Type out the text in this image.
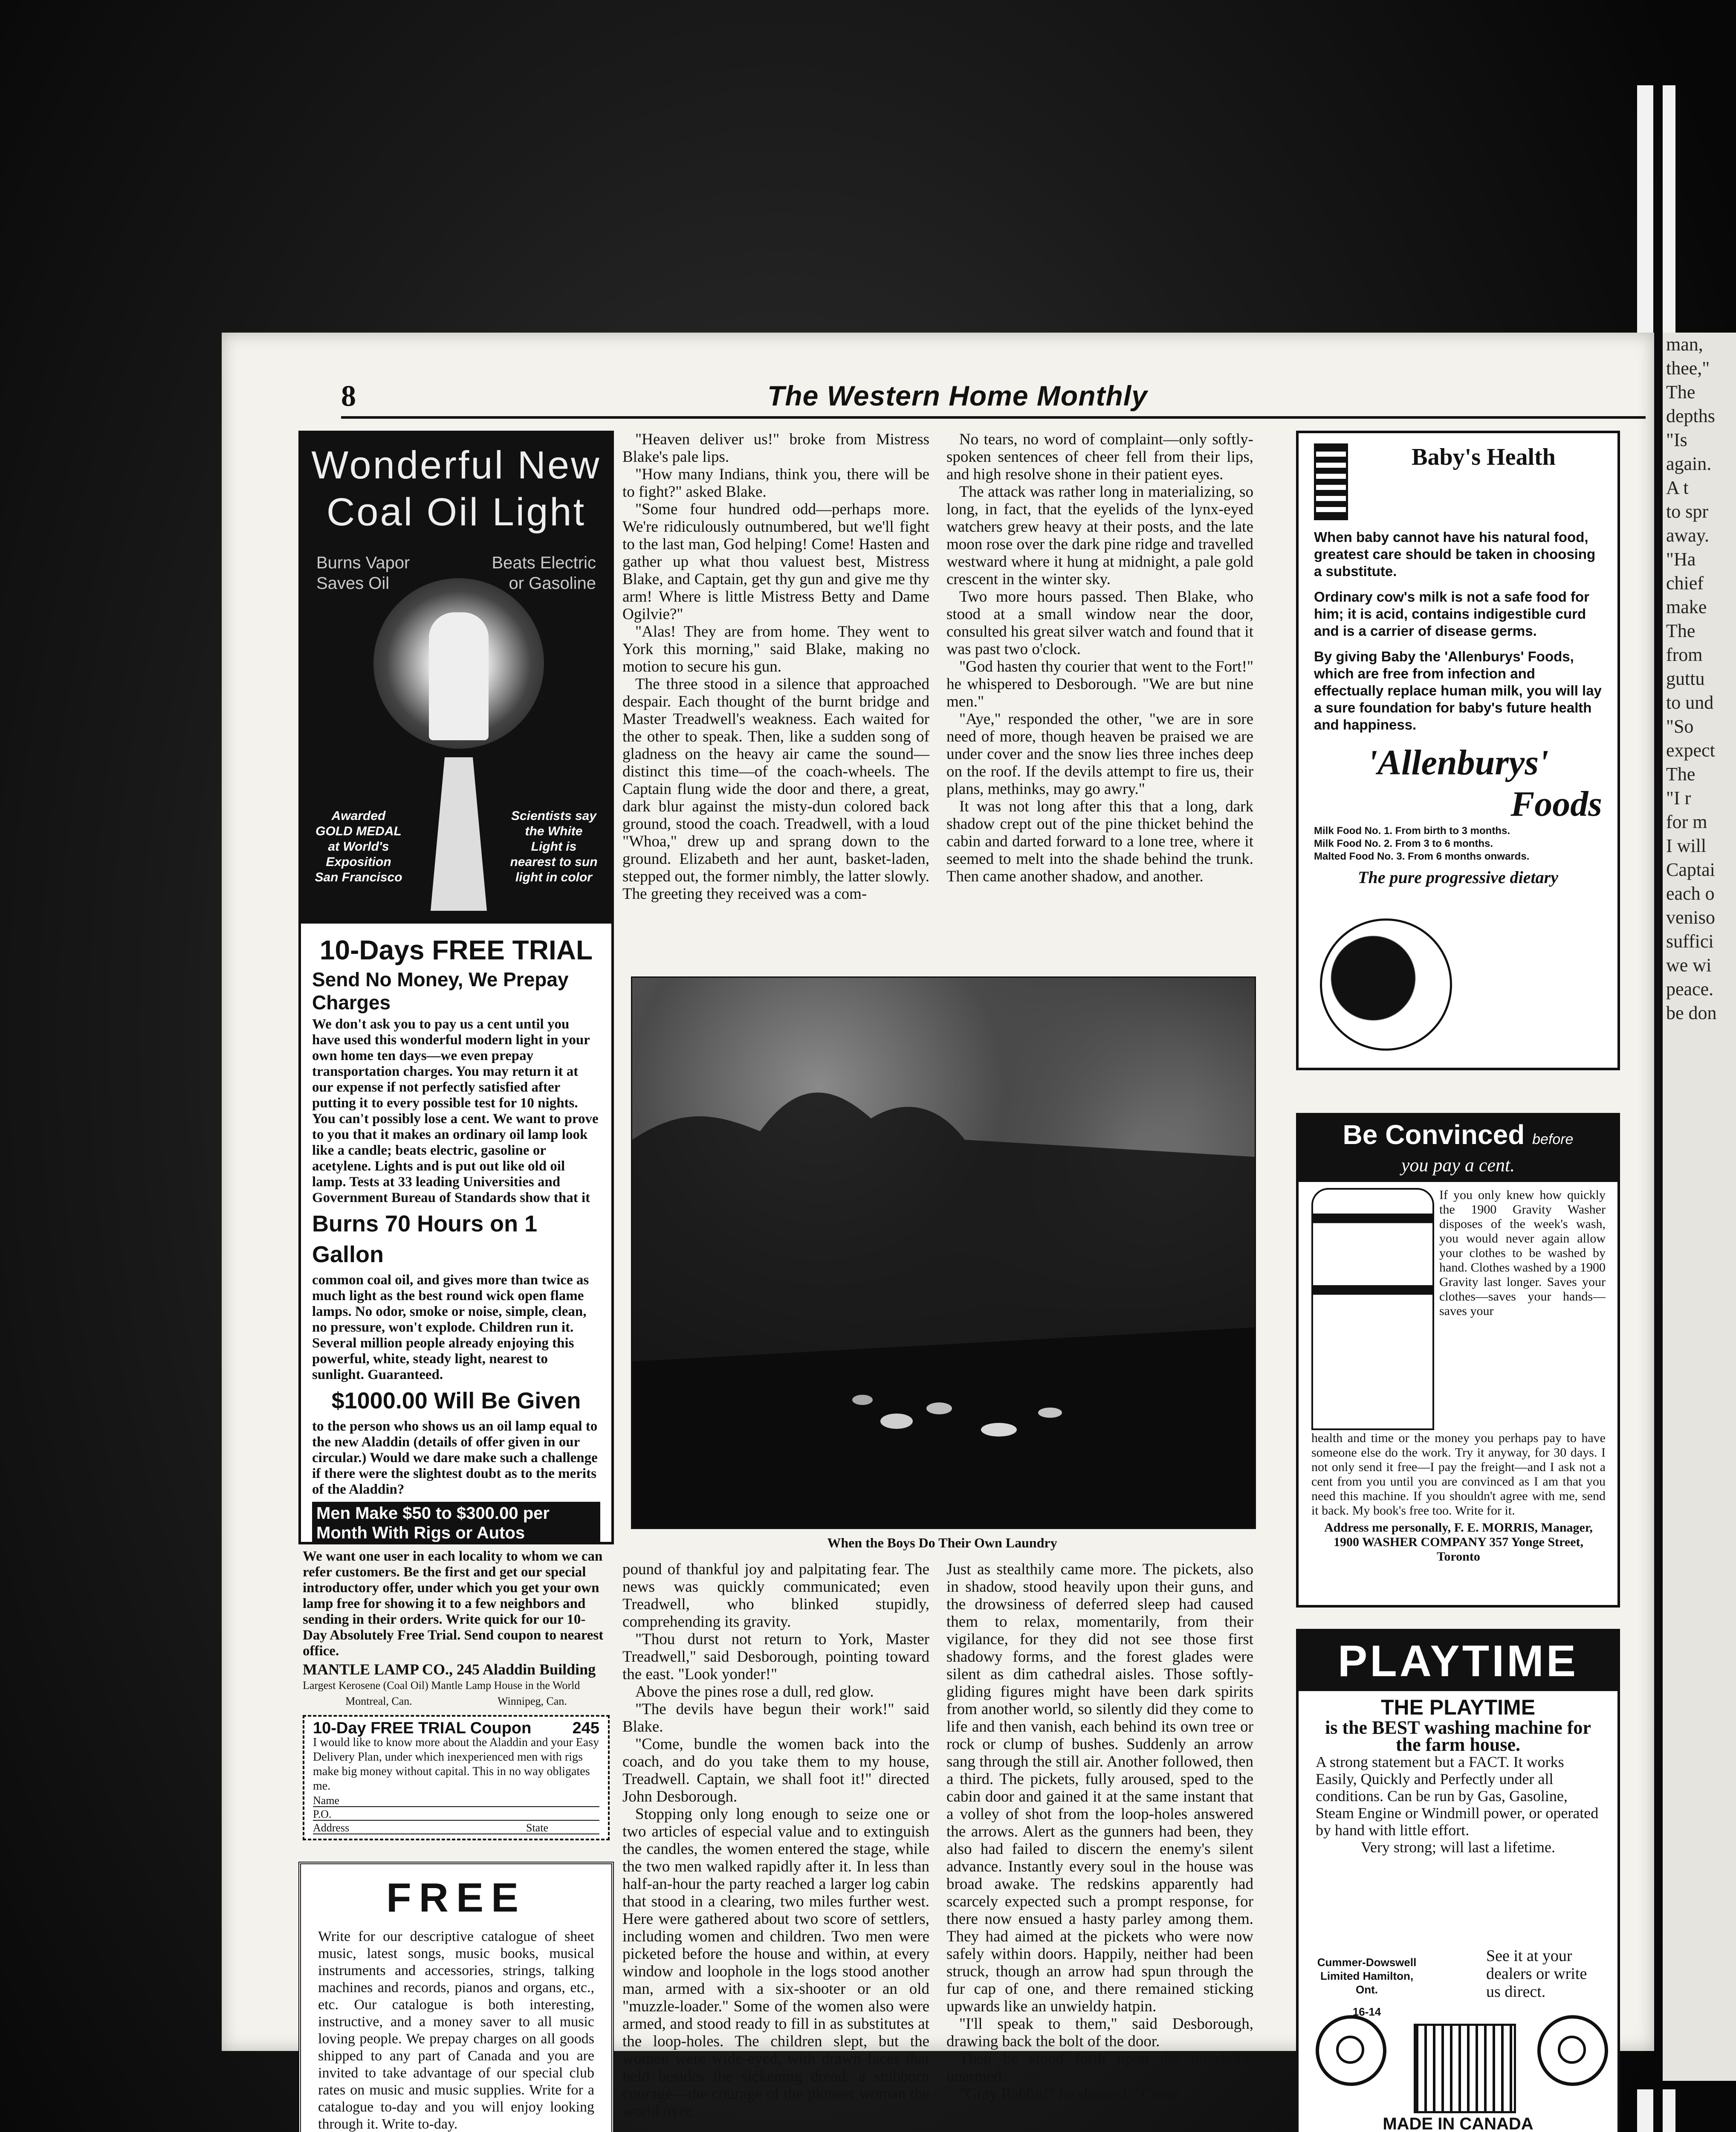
man,
thee,"
The
depths
"Is
again.
A t
to spr
away.
"Ha
chief
make
The
from
guttu
to und
"So
expect
The
"I r
for m
I will
Captai
each o
veniso
suffici
we wi
peace.
be don
8	The Western Home Monthly
Wonderful New Coal Oil Light
Burns Vapor Saves Oil
Beats Electric or Gasoline
Awarded GOLD MEDAL at World's Exposition San Francisco
Scientists say the White Light is nearest to sun light in color
10-Days FREE TRIAL
Send No Money, We Prepay Charges
We don't ask you to pay us a cent until you have used this wonderful modern light in your own home ten days—we even prepay transportation charges. You may return it at our expense if not perfectly satisfied after putting it to every possible test for 10 nights. You can't possibly lose a cent. We want to prove to you that it makes an ordinary oil lamp look like a candle; beats electric, gasoline or acetylene. Lights and is put out like old oil lamp. Tests at 33 leading Universities and Government Bureau of Standards show that it
Burns 70 Hours on 1 Gallon
common coal oil, and gives more than twice as much light as the best round wick open flame lamps. No odor, smoke or noise, simple, clean, no pressure, won't explode. Children run it. Several million people already enjoying this powerful, white, steady light, nearest to sunlight. Guaranteed.
$1000.00 Will Be Given
to the person who shows us an oil lamp equal to the new Aladdin (details of offer given in our circular.) Would we dare make such a challenge if there were the slightest doubt as to the merits of the Aladdin?
Men Make $50 to $300.00 per Month With Rigs or Autos
We want one user in each locality to whom we can refer customers. Be the first and get our special introductory offer, under which you get your own lamp free for showing it to a few neighbors and sending in their orders. Write quick for our 10-Day Absolutely Free Trial. Send coupon to nearest office.
MANTLE LAMP CO., 245 Aladdin Building
Largest Kerosene (Coal Oil) Mantle Lamp House in the World
Montreal, Can.	Winnipeg, Can.
10-Day FREE TRIAL Coupon	245
I would like to know more about the Aladdin and your Easy Delivery Plan, under which inexperienced men with rigs make big money without capital. This in no way obligates me.
Name
P.O.
Address	State
FREE
Write for our descriptive catalogue of sheet music, latest songs, music books, musical instruments and accessories, strings, talking machines and records, pianos and organs, etc., etc. Our catalogue is both interesting, instructive, and a money saver to all music loving people. We prepay charges on all goods shipped to any part of Canada and you are invited to take advantage of our special club rates on music and music supplies. Write for a catalogue to-day and you will enjoy looking through it. Write to-day.

"Heaven deliver us!" broke from Mistress Blake's pale lips.

"How many Indians, think you, there will be to fight?" asked Blake.

"Some four hundred odd—perhaps more. We're ridiculously outnumbered, but we'll fight to the last man, God helping! Come! Hasten and gather up what thou valuest best, Mistress Blake, and Captain, get thy gun and give me thy arm! Where is little Mistress Betty and Dame Ogilvie?"

"Alas! They are from home. They went to York this morning," said Blake, making no motion to secure his gun.

The three stood in a silence that approached despair. Each thought of the burnt bridge and Master Treadwell's weakness. Each waited for the other to speak. Then, like a sudden song of gladness on the heavy air came the sound—distinct this time—of the coach-wheels. The Captain flung wide the door and there, a great, dark blur against the misty-dun colored back ground, stood the coach. Treadwell, with a loud "Whoa," drew up and sprang down to the ground. Elizabeth and her aunt, basket-laden, stepped out, the former nimbly, the latter slowly. The greeting they received was a com-

No tears, no word of complaint—only softly-spoken sentences of cheer fell from their lips, and high resolve shone in their patient eyes.

The attack was rather long in materializing, so long, in fact, that the eyelids of the lynx-eyed watchers grew heavy at their posts, and the late moon rose over the dark pine ridge and travelled westward where it hung at midnight, a pale gold crescent in the winter sky.

Two more hours passed. Then Blake, who stood at a small window near the door, consulted his great silver watch and found that it was past two o'clock.

"God hasten thy courier that went to the Fort!" he whispered to Desborough. "We are but nine men."

"Aye," responded the other, "we are in sore need of more, though heaven be praised we are under cover and the snow lies three inches deep on the roof. If the devils attempt to fire us, their plans, methinks, may go awry."

It was not long after this that a long, dark shadow crept out of the pine thicket behind the cabin and darted forward to a lone tree, where it seemed to melt into the shade behind the trunk. Then came another shadow, and another.

When the Boys Do Their Own Laundry

pound of thankful joy and palpitating fear. The news was quickly communicated; even Treadwell, who blinked stupidly, comprehending its gravity.

"Thou durst not return to York, Master Treadwell," said Desborough, pointing toward the east. "Look yonder!"

Above the pines rose a dull, red glow.

"The devils have begun their work!" said Blake.

"Come, bundle the women back into the coach, and do you take them to my house, Treadwell. Captain, we shall foot it!" directed John Desborough.

Stopping only long enough to seize one or two articles of especial value and to extinguish the candles, the women entered the stage, while the two men walked rapidly after it. In less than half-an-hour the party reached a larger log cabin that stood in a clearing, two miles further west. Here were gathered about two score of settlers, including women and children. Two men were picketed before the house and within, at every window and loophole in the logs stood another man, armed with a six-shooter or an old "muzzle-loader." Some of the women also were armed, and stood ready to fill in as substitutes at the loop-holes. The children slept, but the women were wide-eyed, with drawn faces that held besides the sickening dread, a stubborn courage—the courage of the pioneer woman the world over.

Just as stealthily came more. The pickets, also in shadow, stood heavily upon their guns, and the drowsiness of deferred sleep had caused them to relax, momentarily, from their vigilance, for they did not see those first shadowy forms, and the forest glades were silent as dim cathedral aisles. Those softly-gliding figures might have been dark spirits from another world, so silently did they come to life and then vanish, each behind its own tree or rock or clump of bushes. Suddenly an arrow sang through the still air. Another followed, then a third. The pickets, fully aroused, sped to the cabin door and gained it at the same instant that a volley of shot from the loop-holes answered the arrows. Alert as the gunners had been, they also had failed to discern the enemy's silent advance. Instantly every soul in the house was broad awake. The redskins apparently had scarcely expected such a prompt response, for there now ensued a hasty parley among them. They had aimed at the pickets who were now safely within doors. Happily, neither had been struck, though an arrow had spun through the fur cap of one, and there remained sticking upwards like an unwieldy hatpin.

"I'll speak to them," said Desborough, drawing back the bolt of the door.

Then he stood forth upon the threshold, unarmed.

"Gray Rabbit!" he shouted, "Come

Baby's Health

When baby cannot have his natural food, greatest care should be taken in choosing a substitute.

Ordinary cow's milk is not a safe food for him; it is acid, contains indigestible curd and is a carrier of disease germs.

By giving Baby the 'Allenburys' Foods, which are free from infection and effectually replace human milk, you will lay a sure foundation for baby's future health and happiness.

'Allenburys'
Foods
Milk Food No. 1. From birth to 3 months.
Milk Food No. 2. From 3 to 6 months.
Malted Food No. 3. From 6 months onwards.
The pure progressive dietary
Be Convinced before
you pay a cent.
If you only knew how quickly the 1900 Gravity Washer disposes of the week's wash, you would never again allow your clothes to be washed by hand. Clothes washed by a 1900 Gravity last longer. Saves your clothes—saves your hands—saves your
health and time or the money you perhaps pay to have someone else do the work. Try it anyway, for 30 days. I not only send it free—I pay the freight—and I ask not a cent from you until you are convinced as I am that you need this machine. If you shouldn't agree with me, send it back. My book's free too. Write for it.
Address me personally, F. E. MORRIS, Manager, 1900 WASHER COMPANY 357 Yonge Street, Toronto
PLAYTIME
THE PLAYTIME
is the BEST washing machine for the farm house.
A strong statement but a FACT. It works Easily, Quickly and Perfectly under all conditions. Can be run by Gas, Gasoline, Steam Engine or Windmill power, or operated by hand with little effort.
Very strong; will last a lifetime.
Cummer-Dowswell Limited Hamilton, Ont.
16-14
See it at your dealers or write us direct.
MADE IN CANADA
